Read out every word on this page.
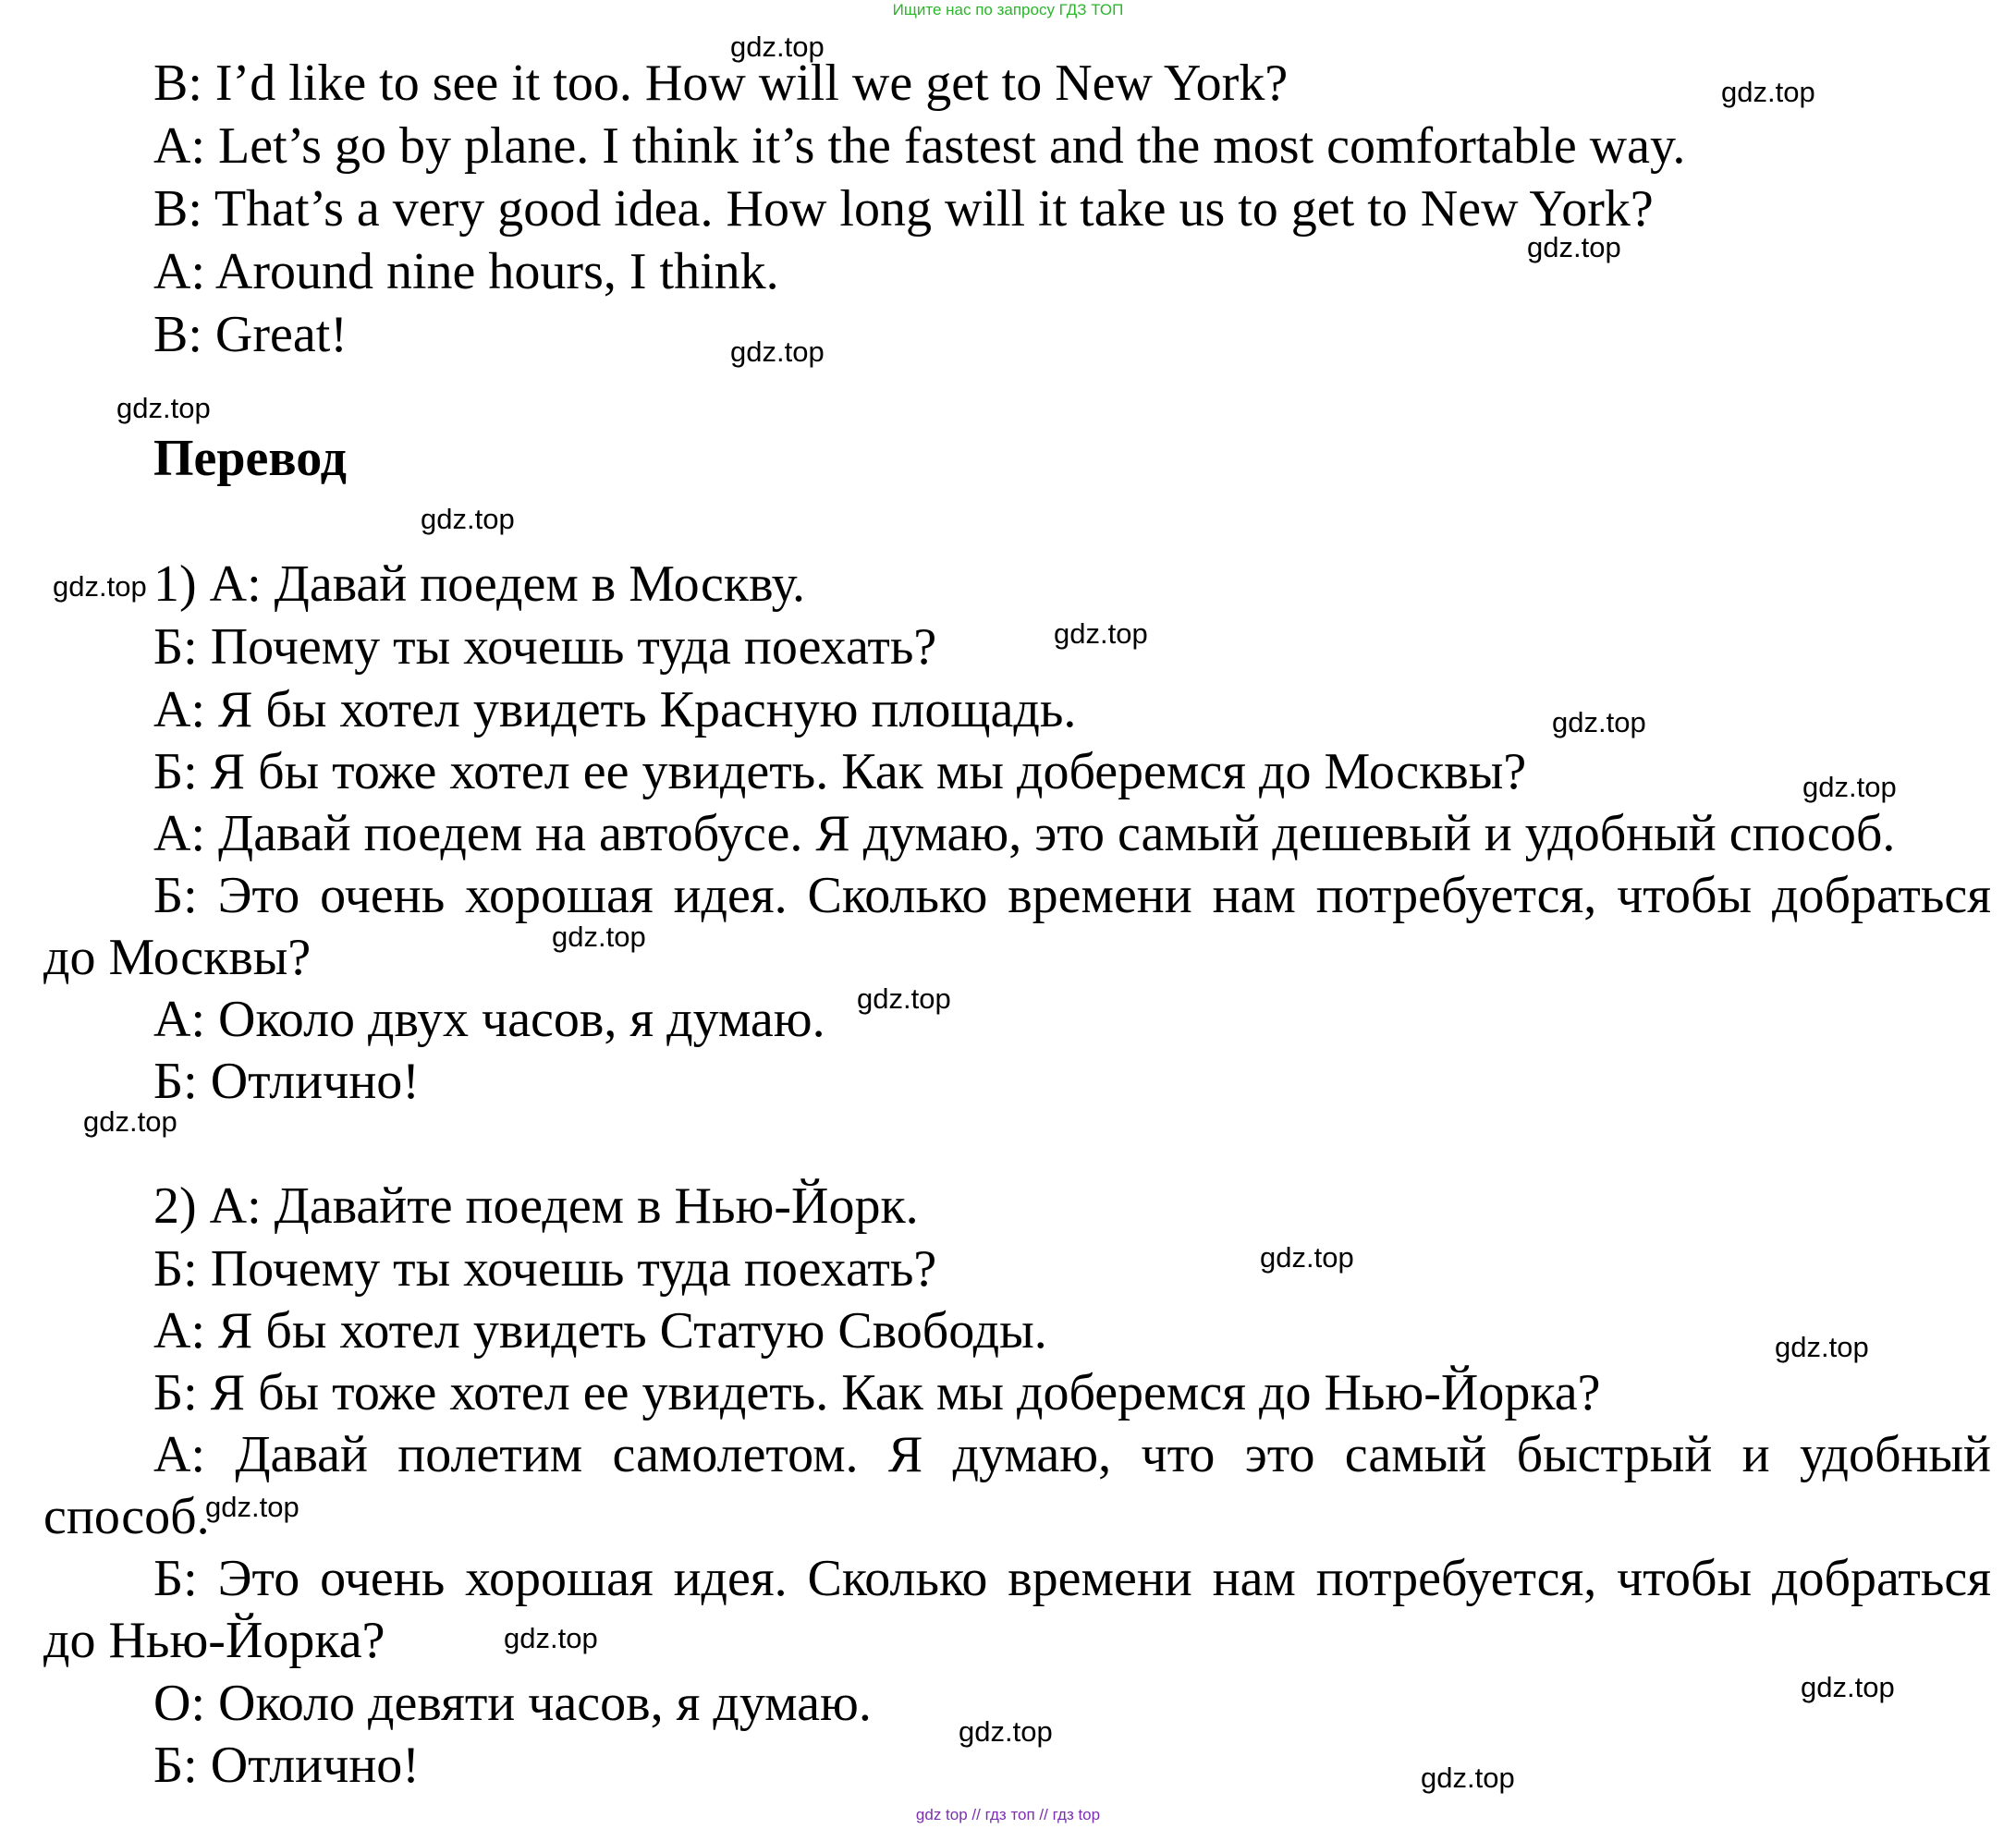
Ищите нас по запросу ГДЗ ТОП
B: I’d like to see it too. How will we get to New York?
A: Let’s go by plane. I think it’s the fastest and the most comfortable way.
B: That’s a very good idea. How long will it take us to get to New York?
A: Around nine hours, I think.
B: Great!
Перевод
1) А: Давай поедем в Москву.
Б: Почему ты хочешь туда поехать?
А: Я бы хотел увидеть Красную площадь.
Б: Я бы тоже хотел ее увидеть. Как мы доберемся до Москвы?
А: Давай поедем на автобусе. Я думаю, это самый дешевый и удобный способ.
Б: Это очень хорошая идея. Сколько времени нам потребуется, чтобы добраться
до Москвы?
А: Около двух часов, я думаю.
Б: Отлично!
2) А: Давайте поедем в Нью-Йорк.
Б: Почему ты хочешь туда поехать?
А: Я бы хотел увидеть Статую Свободы.
Б: Я бы тоже хотел ее увидеть. Как мы доберемся до Нью-Йорка?
А: Давай полетим самолетом. Я думаю, что это самый быстрый и удобный
способ.
Б: Это очень хорошая идея. Сколько времени нам потребуется, чтобы добраться
до Нью-Йорка?
О: Около девяти часов, я думаю.
Б: Отлично!
gdz.top
gdz.top
gdz.top
gdz.top
gdz.top
gdz.top
gdz.top
gdz.top
gdz.top
gdz.top
gdz.top
gdz.top
gdz.top
gdz.top
gdz.top
gdz.top
gdz.top
gdz.top
gdz.top
gdz.top
gdz top // гдз топ // гдз top
